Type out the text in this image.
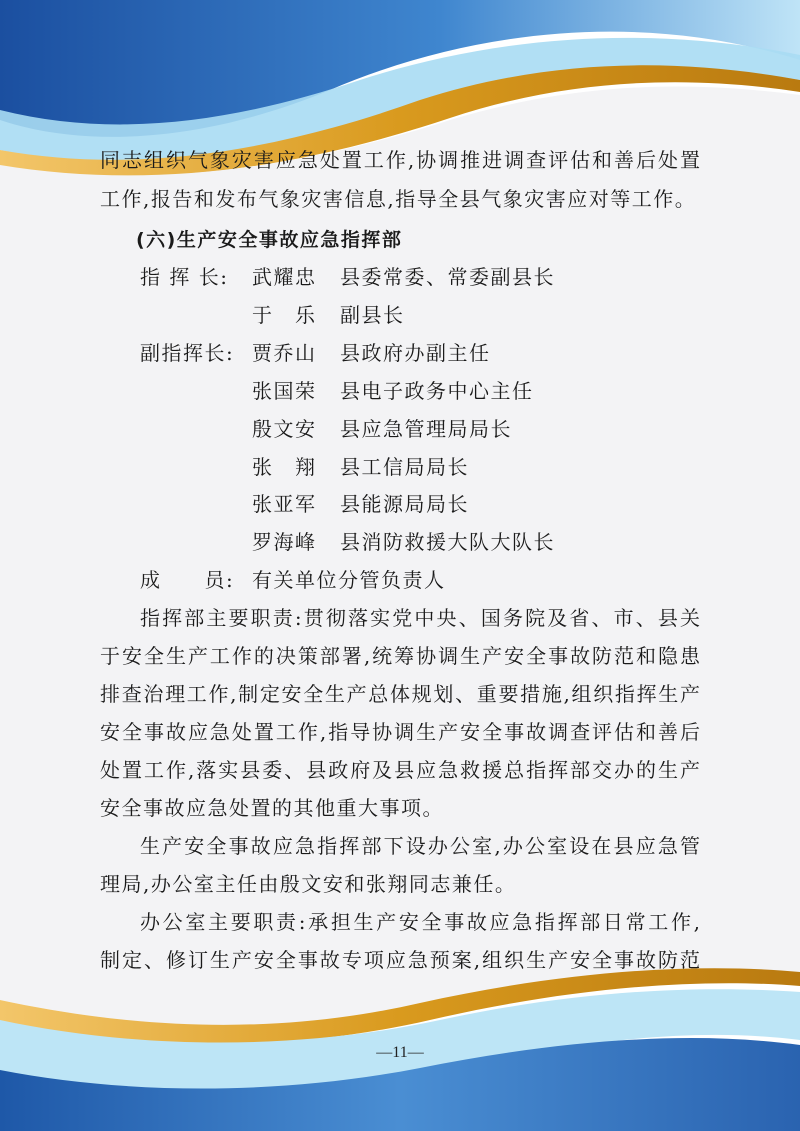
同志组织气象灾害应急处置工作,协调推进调查评估和善后处置
工作,报告和发布气象灾害信息,指导全县气象灾害应对等工作。
(六)生产安全事故应急指挥部
指 挥 长: 武耀忠 县委常委、常委副县长
于　乐 副县长
副指挥长: 贾乔山 县政府办副主任
张国荣 县电子政务中心主任
殷文安 县应急管理局局长
张　翔 县工信局局长
张亚军 县能源局局长
罗海峰 县消防救援大队大队长
成　　员: 有关单位分管负责人
指挥部主要职责:贯彻落实党中央、国务院及省、市、县关
于安全生产工作的决策部署,统筹协调生产安全事故防范和隐患
排查治理工作,制定安全生产总体规划、重要措施,组织指挥生产
安全事故应急处置工作,指导协调生产安全事故调查评估和善后
处置工作,落实县委、县政府及县应急救援总指挥部交办的生产
安全事故应急处置的其他重大事项。
生产安全事故应急指挥部下设办公室,办公室设在县应急管
理局,办公室主任由殷文安和张翔同志兼任。
办公室主要职责:承担生产安全事故应急指挥部日常工作,
制定、修订生产安全事故专项应急预案,组织生产安全事故防范
—11—
